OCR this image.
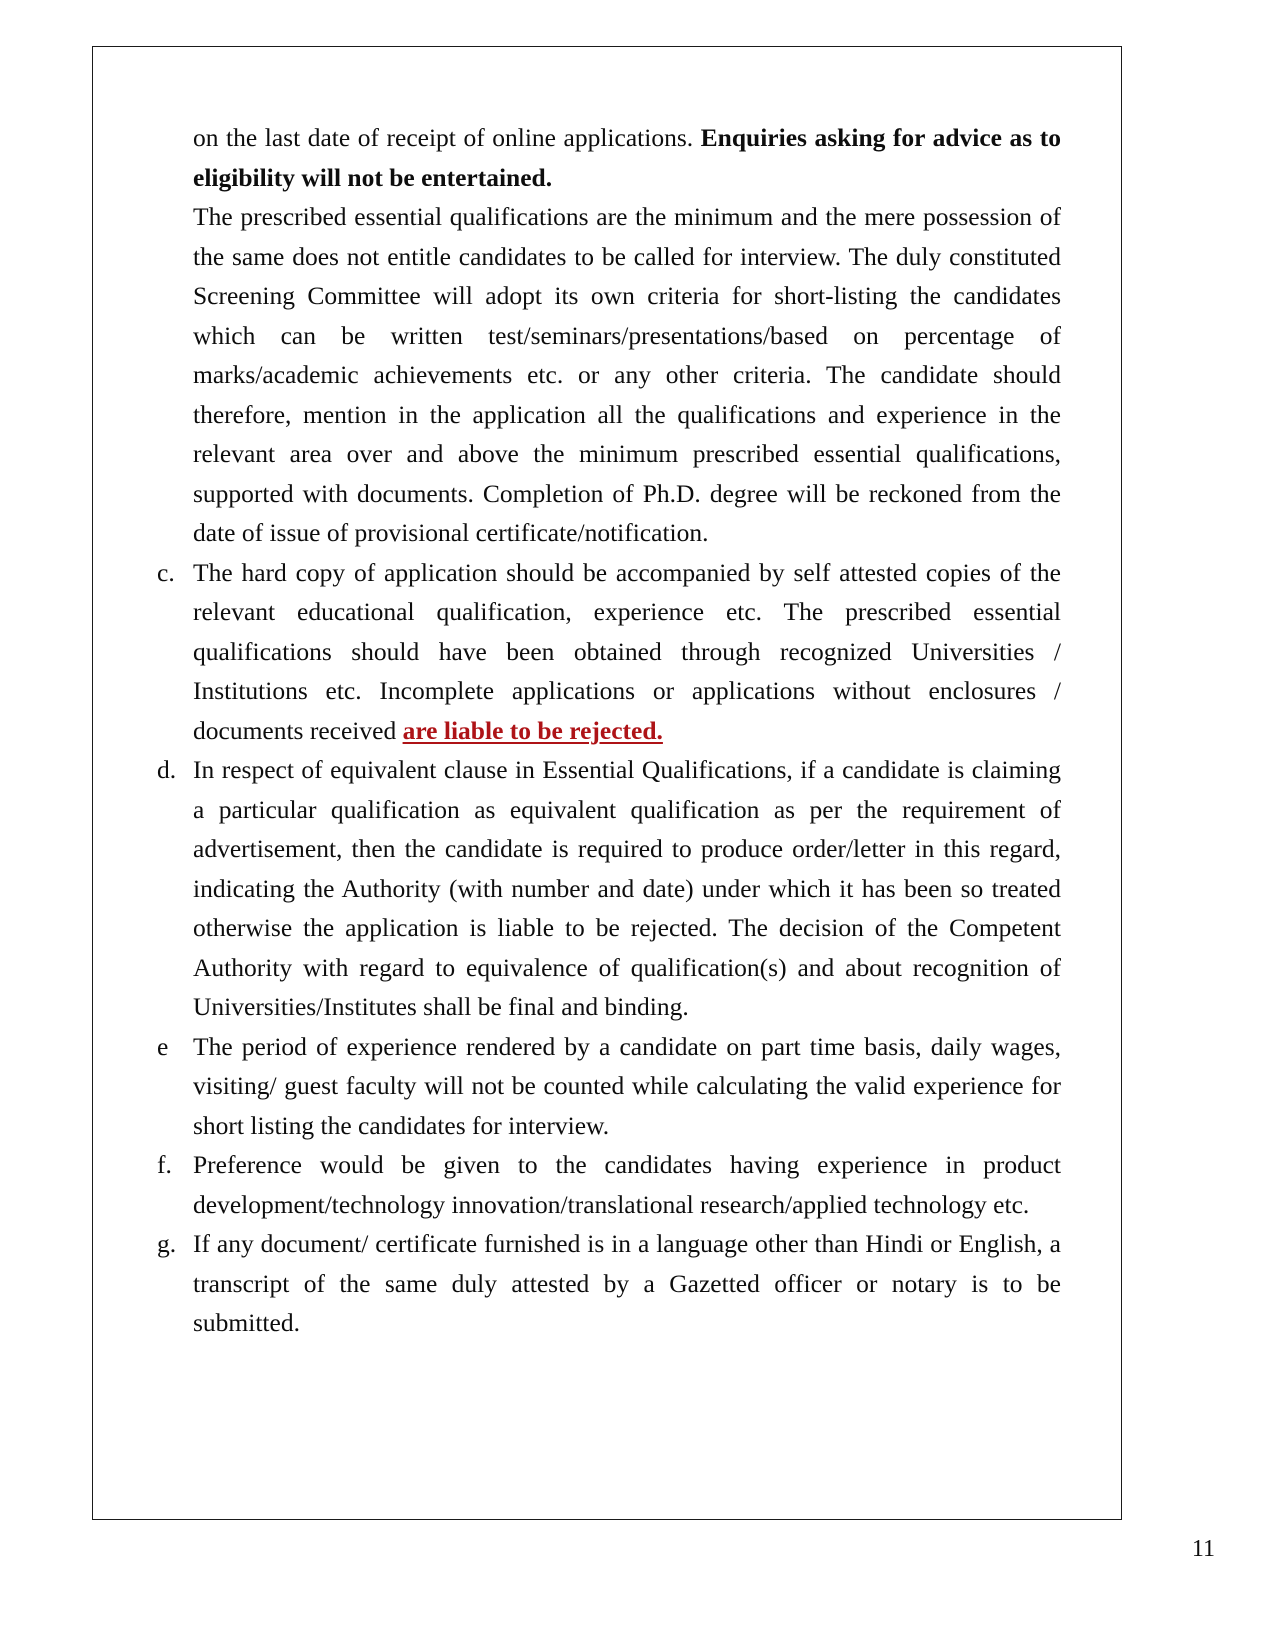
on the last date of receipt of online applications. Enquiries asking for advice as to eligibility will not be entertained.

The prescribed essential qualifications are the minimum and the mere possession of the same does not entitle candidates to be called for interview. The duly constituted Screening Committee will adopt its own criteria for short-listing the candidates which can be written test/seminars/presentations/based on percentage of marks/academic achievements etc. or any other criteria. The candidate should therefore, mention in the application all the qualifications and experience in the relevant area over and above the minimum prescribed essential qualifications, supported with documents. Completion of Ph.D. degree will be reckoned from the date of issue of provisional certificate/notification.

c. The hard copy of application should be accompanied by self attested copies of the relevant educational qualification, experience etc. The prescribed essential qualifications should have been obtained through recognized Universities / Institutions etc. Incomplete applications or applications without enclosures / documents received are liable to be rejected.
d. In respect of equivalent clause in Essential Qualifications, if a candidate is claiming a particular qualification as equivalent qualification as per the requirement of advertisement, then the candidate is required to produce order/letter in this regard, indicating the Authority (with number and date) under which it has been so treated otherwise the application is liable to be rejected. The decision of the Competent Authority with regard to equivalence of qualification(s) and about recognition of Universities/Institutes shall be final and binding.
e The period of experience rendered by a candidate on part time basis, daily wages, visiting/ guest faculty will not be counted while calculating the valid experience for short listing the candidates for interview.
f. Preference would be given to the candidates having experience in product development/technology innovation/translational research/applied technology etc.
g. If any document/ certificate furnished is in a language other than Hindi or English, a transcript of the same duly attested by a Gazetted officer or notary is to be submitted.
11
